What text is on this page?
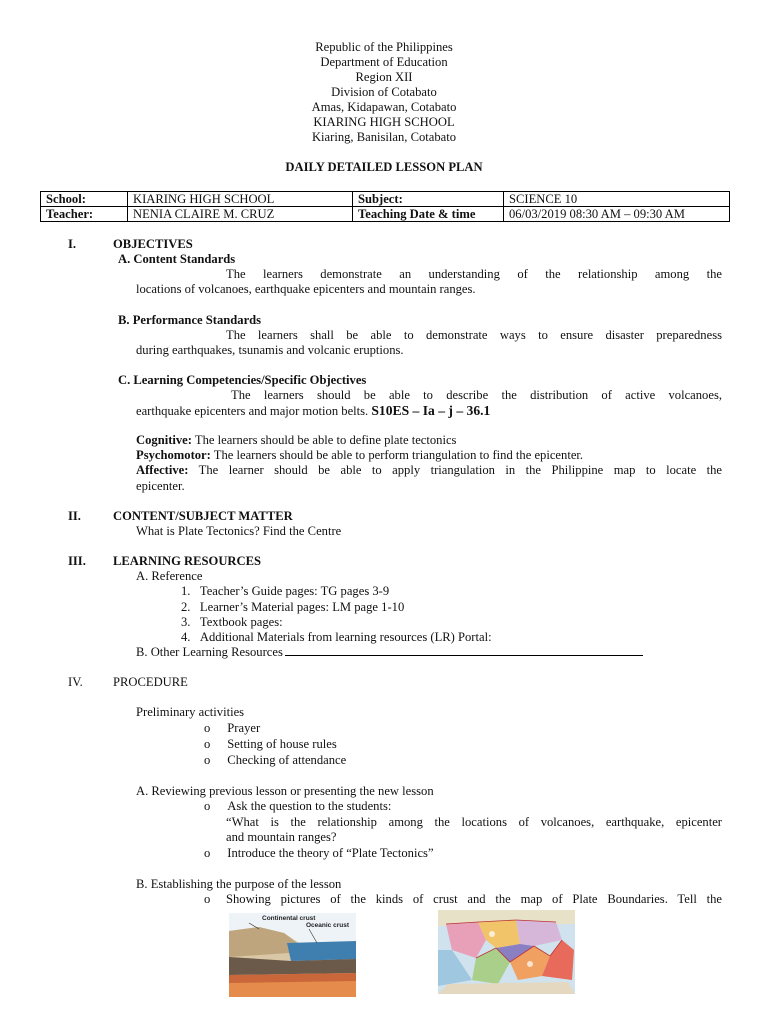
Republic of the Philippines
Department of Education
Region XII
Division of Cotabato
Amas, Kidapawan, Cotabato
KIARING HIGH SCHOOL
Kiaring, Banisilan, Cotabato
DAILY DETAILED LESSON PLAN
School:	KIARING HIGH SCHOOL	Subject:	SCIENCE 10
Teacher:	NENIA CLAIRE M. CRUZ	Teaching Date & time	06/03/2019 08:30 AM – 09:30 AM
I.	OBJECTIVES
A. Content Standards
The learners demonstrate an understanding of the relationship among the
locations of volcanoes, earthquake epicenters and mountain ranges.
B. Performance Standards
The learners shall be able to demonstrate ways to ensure disaster preparedness
during earthquakes, tsunamis and volcanic eruptions.
C. Learning Competencies/Specific Objectives
The learners should be able to describe the distribution of active volcanoes,
earthquake epicenters and major motion belts. S10ES – Ia – j – 36.1
Cognitive: The learners should be able to define plate tectonics
Psychomotor: The learners should be able to perform triangulation to find the epicenter.
Affective: The learner should be able to apply triangulation in the Philippine map to locate the
epicenter.
II.	CONTENT/SUBJECT MATTER
What is Plate Tectonics? Find the Centre
III. LEARNING RESOURCES
A. Reference
1. Teacher’s Guide pages: TG pages 3-9
2. Learner’s Material pages: LM page 1-10
3. Textbook pages:
4. Additional Materials from learning resources (LR) Portal:
B. Other Learning Resources
IV. PROCEDURE
Preliminary activities
o Prayer
o Setting of house rules
o Checking of attendance
A. Reviewing previous lesson or presenting the new lesson
o Ask the question to the students:
“What is the relationship among the locations of volcanoes, earthquake, epicenter
and mountain ranges?
o Introduce the theory of “Plate Tectonics”
B. Establishing the purpose of the lesson
o Showing pictures of the kinds of crust and the map of Plate Boundaries. Tell the
Continental crust
Oceanic crust
